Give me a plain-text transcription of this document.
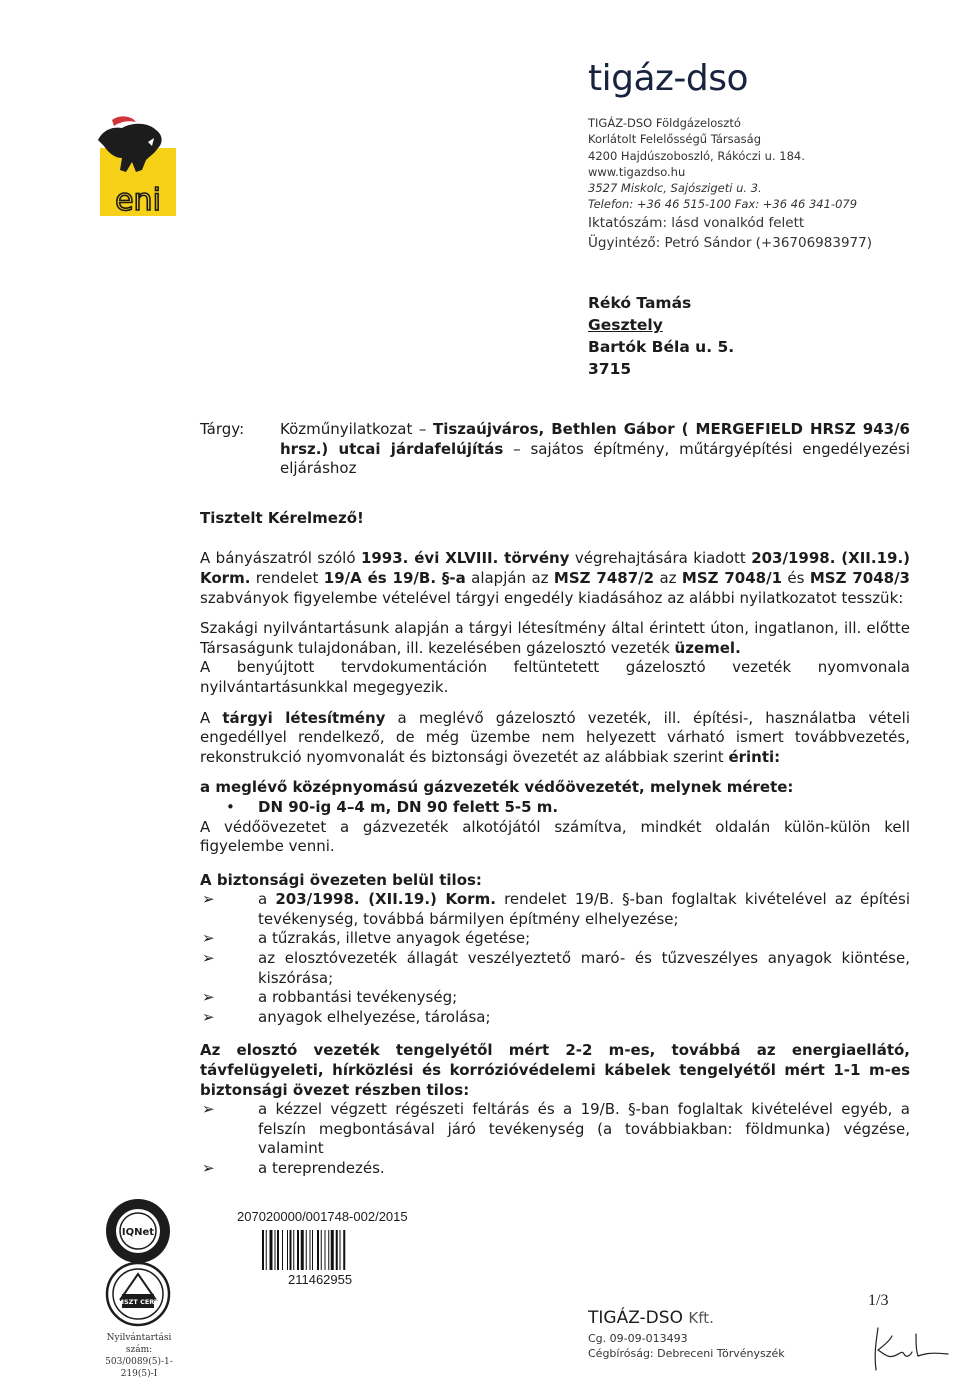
eni
tigáz-dso
TIGÁZ-DSO Földgázelosztó
Korlátolt Felelősségű Társaság
4200 Hajdúszoboszló, Rákóczi u. 184.
www.tigazdso.hu
3527 Miskolc, Sajószigeti u. 3.
Telefon: +36 46 515-100 Fax: +36 46 341-079
Iktatószám: lásd vonalkód felett
Ügyintéző: Petró Sándor (+36706983977)
Rékó Tamás
Gesztely
Bartók Béla u. 5.
3715

Tárgy: Közműnyilatkozat – Tiszaújváros, Bethlen Gábor ( MERGEFIELD HRSZ 943/6 hrsz.) utcai járdafelújítás – sajátos építmény, műtárgyépítési engedélyezési eljáráshoz

Tisztelt Kérelmező!

A bányászatról szóló 1993. évi XLVIII. törvény végrehajtására kiadott 203/1998. (XII.19.) Korm. rendelet 19/A és 19/B. §-a alapján az MSZ 7487/2 az MSZ 7048/1 és MSZ 7048/3 szabványok figyelembe vételével tárgyi engedély kiadásához az alábbi nyilatkozatot tesszük:

Szakági nyilvántartásunk alapján a tárgyi létesítmény által érintett úton, ingatlanon, ill. előtte Társaságunk tulajdonában, ill. kezelésében gázelosztó vezeték üzemel.

A benyújtott tervdokumentáción feltüntetett gázelosztó vezeték nyomvonala nyilvántartásunkkal megegyezik.

A tárgyi létesítmény a meglévő gázelosztó vezeték, ill. építési-, használatba vételi engedéllyel rendelkező, de még üzembe nem helyezett várható ismert továbbvezetés, rekonstrukció nyomvonalát és biztonsági övezetét az alábbiak szerint érinti:

a meglévő középnyomású gázvezeték védőövezetét, melynek mérete:

• DN 90-ig 4–4 m, DN 90 felett 5-5 m.

A védőövezetet a gázvezeték alkotójától számítva, mindkét oldalán külön-külön kell figyelembe venni.

A biztonsági övezeten belül tilos:

➢	a 203/1998. (XII.19.) Korm. rendelet 19/B. §-ban foglaltak kivételével az építési tevékenység, továbbá bármilyen építmény elhelyezése;

➢	a tűzrakás, illetve anyagok égetése;

➢	az elosztóvezeték állagát veszélyeztető maró- és tűzveszélyes anyagok kiöntése, kiszórása;

➢	a robbantási tevékenység;

➢	anyagok elhelyezése, tárolása;

Az elosztó vezeték tengelyétől mért 2-2 m-es, továbbá az energiaellátó, távfelügyeleti, hírközlési és korrózióvédelemi kábelek tengelyétől mért 1-1 m-es biztonsági övezet részben tilos:

➢	a kézzel végzett régészeti feltárás és a 19/B. §-ban foglaltak kivételével egyéb, a felszín megbontásával járó tevékenység (a továbbiakban: földmunka) végzése, valamint

➢	a tereprendezés.

IQNet
MSZT CERT
Nyilvántartási szám:
503/0089(5)-1-219(5)-I
207020000/001748-002/2015
211462955
1/3
TIGÁZ-DSO Kft.
Cg. 09-09-013493
Cégbíróság: Debreceni Törvényszék
